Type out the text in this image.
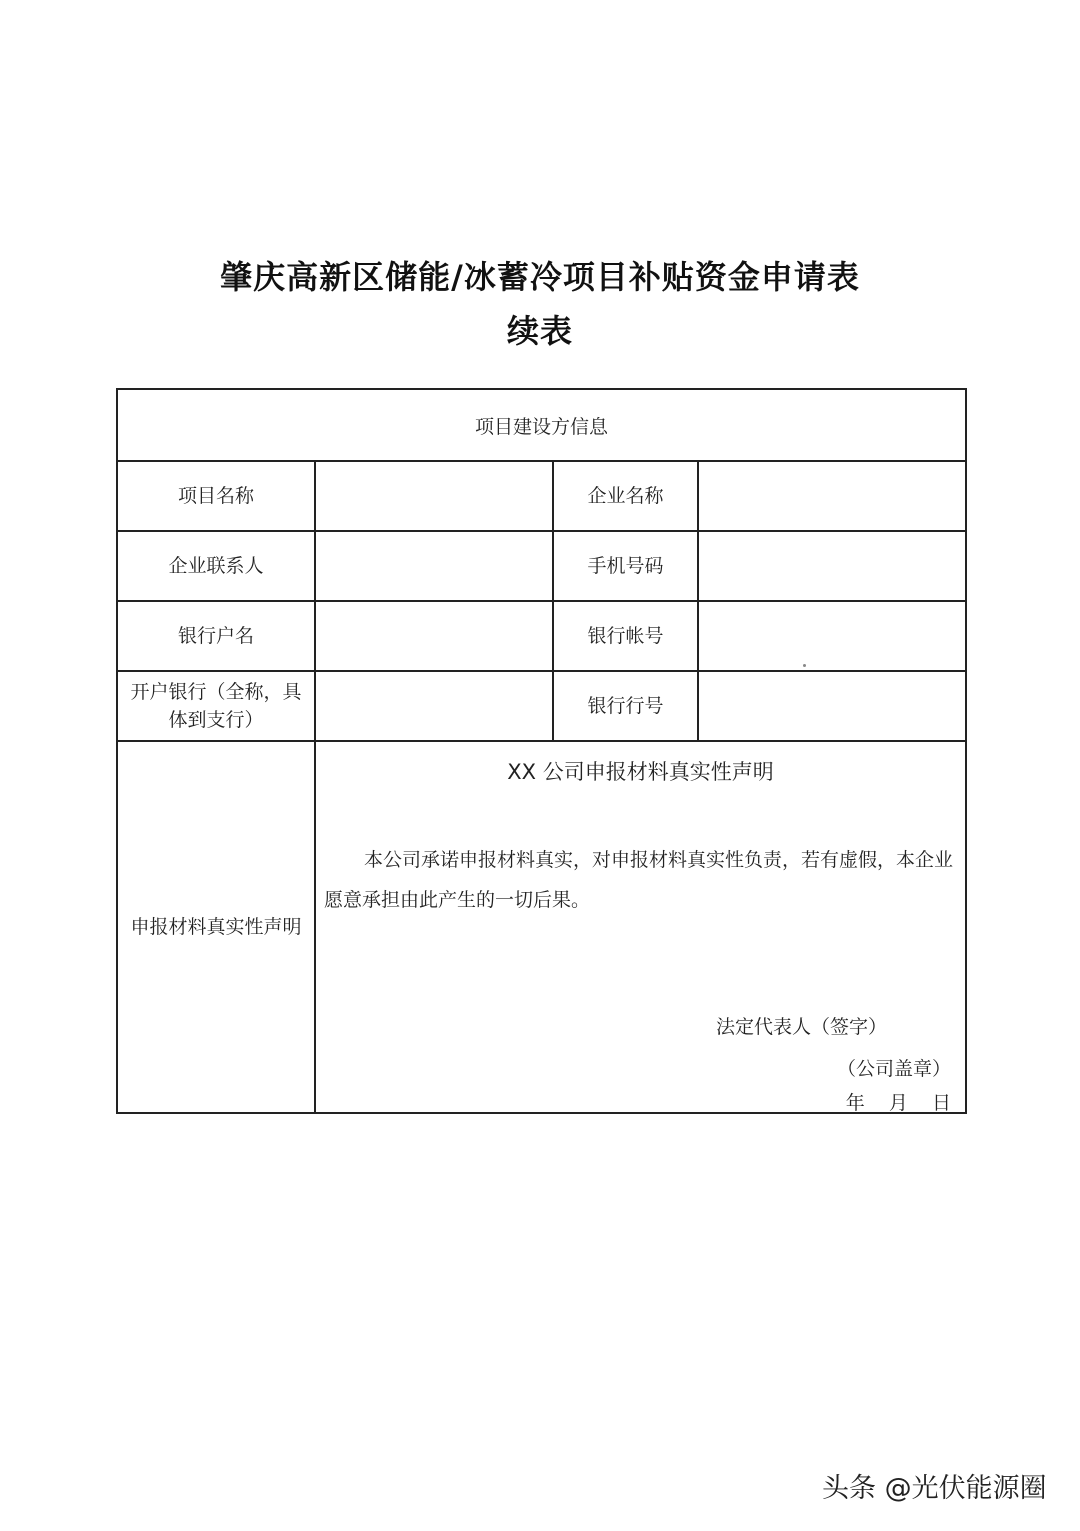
肇庆高新区储能/冰蓄冷项目补贴资金申请表
续表
项目建设方信息			
项目名称		企业名称	
企业联系人		手机号码	
银行户名		银行帐号	
开户银行（全称，具体到支行）		银行行号	
申报材料真实性声明	XX 公司申报材料真实性声明
本公司承诺申报材料真实，对申报材料真实性负责，若有虚假，本企业愿意承担由此产生的一切后果。
法定代表人（签字）
（公司盖章）
年    月    日		
头条 @光伏能源圈
